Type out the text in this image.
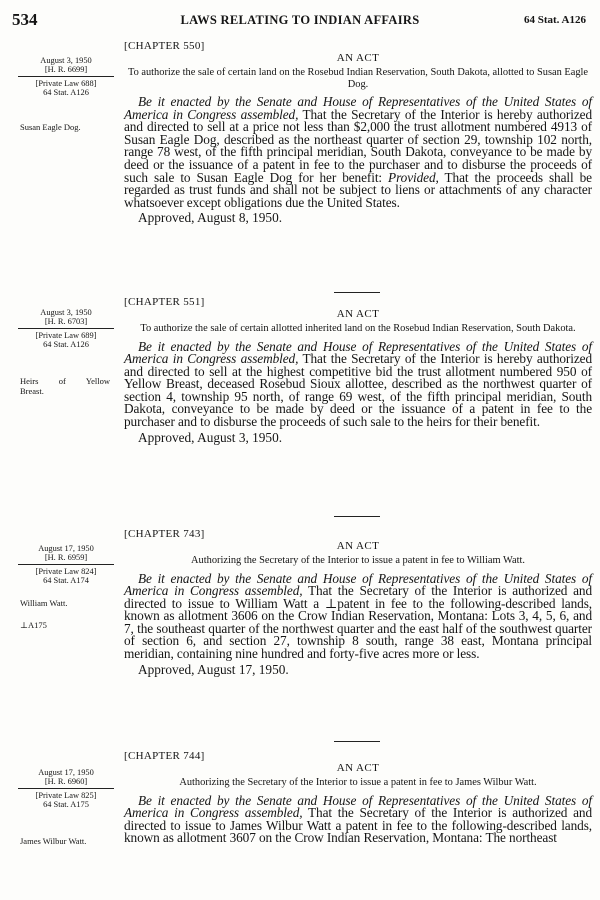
534	LAWS RELATING TO INDIAN AFFAIRS	64 Stat. A126
August 3, 1950
[H. R. 6699]
[Private Law 688]
64 Stat. A126
Susan Eagle Dog.
[CHAPTER 550]
AN ACT

To authorize the sale of certain land on the Rosebud Indian Reservation, South Dakota, allotted to Susan Eagle Dog.

Be it enacted by the Senate and House of Representatives of the United States of America in Congress assembled, That the Secretary of the Interior is hereby authorized and directed to sell at a price not less than $2,000 the trust allotment numbered 4913 of Susan Eagle Dog, described as the northeast quarter of section 29, township 102 north, range 78 west, of the fifth principal meridian, South Dakota, conveyance to be made by deed or the issuance of a patent in fee to the purchaser and to disburse the proceeds of such sale to Susan Eagle Dog for her benefit: Provided, That the proceeds shall be regarded as trust funds and shall not be subject to liens or attachments of any character whatsoever except obligations due the United States.

Approved, August 8, 1950.
August 3, 1950
[H. R. 6703]
[Private Law 689]
64 Stat. A126
Heirs of Yellow
Breast.
[CHAPTER 551]
AN ACT

To authorize the sale of certain allotted inherited land on the Rosebud Indian Reservation, South Dakota.

Be it enacted by the Senate and House of Representatives of the United States of America in Congress assembled, That the Secretary of the Interior is hereby authorized and directed to sell at the highest competitive bid the trust allotment numbered 950 of Yellow Breast, deceased Rosebud Sioux allottee, described as the northwest quarter of section 4, township 95 north, of range 69 west, of the fifth principal meridian, South Dakota, conveyance to be made by deed or the issuance of a patent in fee to the purchaser and to disburse the proceeds of such sale to the heirs for their benefit.

Approved, August 3, 1950.
August 17, 1950
[H. R. 6959]
[Private Law 824]
64 Stat. A174
William Watt.
⊥A175
[CHAPTER 743]
AN ACT

Authorizing the Secretary of the Interior to issue a patent in fee to William Watt.

Be it enacted by the Senate and House of Representatives of the United States of America in Congress assembled, That the Secretary of the Interior is authorized and directed to issue to William Watt a ⊥patent in fee to the following-described lands, known as allotment 3606 on the Crow Indian Reservation, Montana: Lots 3, 4, 5, 6, and 7, the southeast quarter of the northwest quarter and the east half of the southwest quarter of section 6, and section 27, township 8 south, range 38 east, Montana principal meridian, containing nine hundred and forty-five acres more or less.

Approved, August 17, 1950.
August 17, 1950
[H. R. 6960]
[Private Law 825]
64 Stat. A175
James Wilbur Watt.
[CHAPTER 744]
AN ACT

Authorizing the Secretary of the Interior to issue a patent in fee to James Wilbur Watt.

Be it enacted by the Senate and House of Representatives of the United States of America in Congress assembled, That the Secretary of the Interior is authorized and directed to issue to James Wilbur Watt a patent in fee to the following-described lands, known as allotment 3607 on the Crow Indian Reservation, Montana: The northeast
